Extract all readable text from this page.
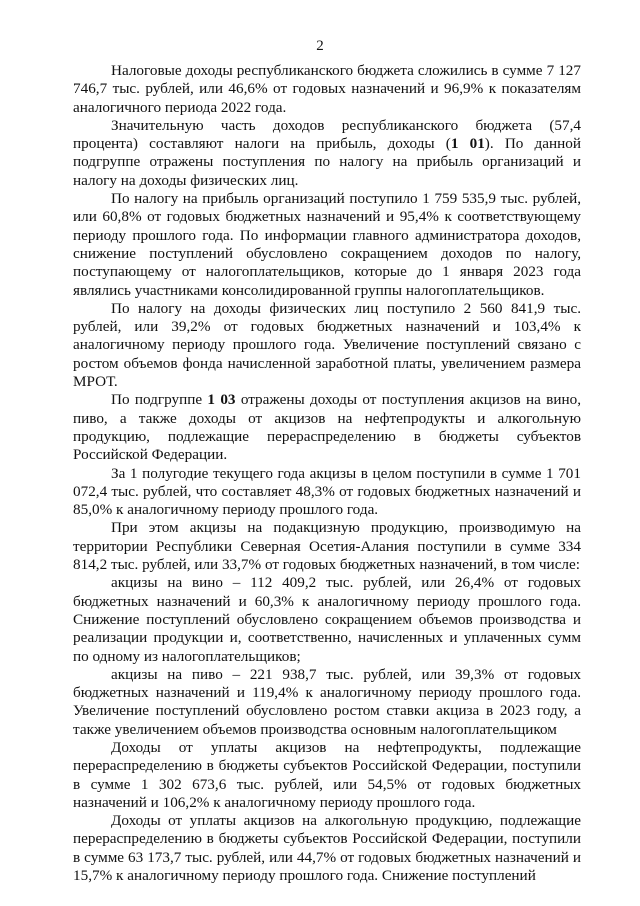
2

Налоговые доходы республиканского бюджета сложились в сумме 7 127 746,7 тыс. рублей, или 46,6% от годовых назначений и 96,9% к показателям аналогичного периода 2022 года.

Значительную часть доходов республиканского бюджета (57,4 процента) составляют налоги на прибыль, доходы (1 01). По данной подгруппе отражены поступления по налогу на прибыль организаций и налогу на доходы физических лиц.

По налогу на прибыль организаций поступило 1 759 535,9 тыс. рублей, или 60,8% от годовых бюджетных назначений и 95,4% к соответствующему периоду прошлого года. По информации главного администратора доходов, снижение поступлений обусловлено сокращением доходов по налогу, поступающему от налогоплательщиков, которые до 1 января 2023 года являлись участниками консолидированной группы налогоплательщиков.

По налогу на доходы физических лиц поступило 2 560 841,9 тыс. рублей, или 39,2% от годовых бюджетных назначений и 103,4% к аналогичному периоду прошлого года. Увеличение поступлений связано с ростом объемов фонда начисленной заработной платы, увеличением размера МРОТ.

По подгруппе 1 03 отражены доходы от поступления акцизов на вино, пиво, а также доходы от акцизов на нефтепродукты и алкогольную продукцию, подлежащие перераспределению в бюджеты субъектов Российской Федерации.

За 1 полугодие текущего года акцизы в целом поступили в сумме 1 701 072,4 тыс. рублей, что составляет 48,3% от годовых бюджетных назначений и 85,0% к аналогичному периоду прошлого года.

При этом акцизы на подакцизную продукцию, производимую на территории Республики Северная Осетия-Алания поступили в сумме 334 814,2 тыс. рублей, или 33,7% от годовых бюджетных назначений, в том числе:

акцизы на вино – 112 409,2 тыс. рублей, или 26,4% от годовых бюджетных назначений и 60,3% к аналогичному периоду прошлого года. Снижение поступлений обусловлено сокращением объемов производства и реализации продукции и, соответственно, начисленных и уплаченных сумм по одному из налогоплательщиков;

акцизы на пиво – 221 938,7 тыс. рублей, или 39,3% от годовых бюджетных назначений и 119,4% к аналогичному периоду прошлого года. Увеличение поступлений обусловлено ростом ставки акциза в 2023 году, а также увеличением объемов производства основным налогоплательщиком

Доходы от уплаты акцизов на нефтепродукты, подлежащие перераспределению в бюджеты субъектов Российской Федерации, поступили в сумме 1 302 673,6 тыс. рублей, или 54,5% от годовых бюджетных назначений и 106,2% к аналогичному периоду прошлого года.

Доходы от уплаты акцизов на алкогольную продукцию, подлежащие перераспределению в бюджеты субъектов Российской Федерации, поступили в сумме 63 173,7 тыс. рублей, или 44,7% от годовых бюджетных назначений и 15,7% к аналогичному периоду прошлого года. Снижение поступлений
